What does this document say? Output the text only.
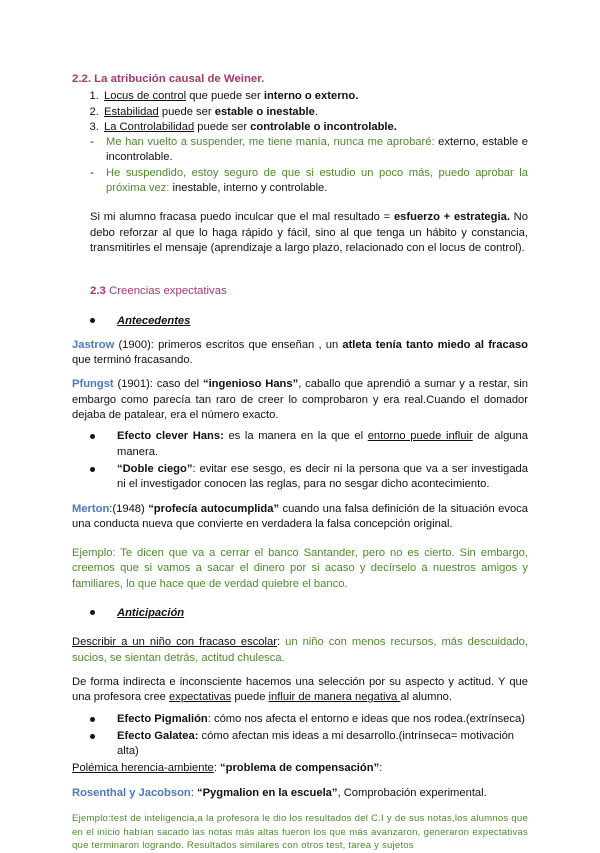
2.2. La atribución causal de Weiner.
1. Locus de control que puede ser interno o externo.
2. Estabilidad puede ser estable o inestable.
3. La Controlabilidad puede ser controlable o incontrolable.
- Me han vuelto a suspender, me tiene manía, nunca me aprobaré: externo, estable e incontrolable.
- He suspendido, estoy seguro de que si estudio un poco más, puedo aprobar la próxima vez: inestable, interno y controlable.

Si mi alumno fracasa puedo inculcar que el mal resultado = esfuerzo + estrategia. No debo reforzar al que lo haga rápido y fácil, sino al que tenga un hábito y constancia, transmitirles el mensaje (aprendizaje a largo plazo, relacionado con el locus de control).

2.3 Creencias expectativas
Antecedentes

Jastrow (1900): primeros escritos que enseñan , un atleta tenía tanto miedo al fracaso que terminó fracasando.

Pfungst (1901): caso del “ingenioso Hans”, caballo que aprendió a sumar y a restar, sin embargo como parecía tan raro de creer lo comprobaron y era real.Cuando el domador dejaba de patalear, era el número exacto.

Efecto clever Hans: es la manera en la que el entorno puede influir de alguna manera.
“Doble ciego”: evitar ese sesgo, es decir ni la persona que va a ser investigada ni el investigador conocen las reglas, para no sesgar dicho acontecimiento.

Merton:(1948) “profecía autocumplida” cuando una falsa definición de la situación evoca una conducta nueva que convierte en verdadera la falsa concepción original.

Ejemplo: Te dicen que va a cerrar el banco Santander, pero no es cierto. Sin embargo, creemos que si vamos a sacar el dinero por si acaso y decírselo a nuestros amigos y familiares, lo que hace que de verdad quiebre el banco.

Anticipación

Describir a un niño con fracaso escolar: un niño con menos recursos, más descuidado, sucios, se sientan detrás, actitud chulesca.

De forma indirecta e inconsciente hacemos una selección por su aspecto y actitud. Y que una profesora cree expectativas puede influir de manera negativa al alumno.

Efecto Pigmalión: cómo nos afecta el entorno e ideas que nos rodea.(extrínseca)
Efecto Galatea: cómo afectan mis ideas a mi desarrollo.(intrínseca= motivación alta)

Polémica herencia-ambiente: “problema de compensación”:

Rosenthal y Jacobson: “Pygmalion en la escuela”, Comprobación experimental.

Ejemplo:test de inteligencia,a la profesora le dio los resultados del C.I y de sus notas,los alumnos que en el inicio habían sacado las notas más altas fueron los que más avanzaron, generaron expectativas que terminaron logrando. Resultados similares con otros test, tarea y sujetos
